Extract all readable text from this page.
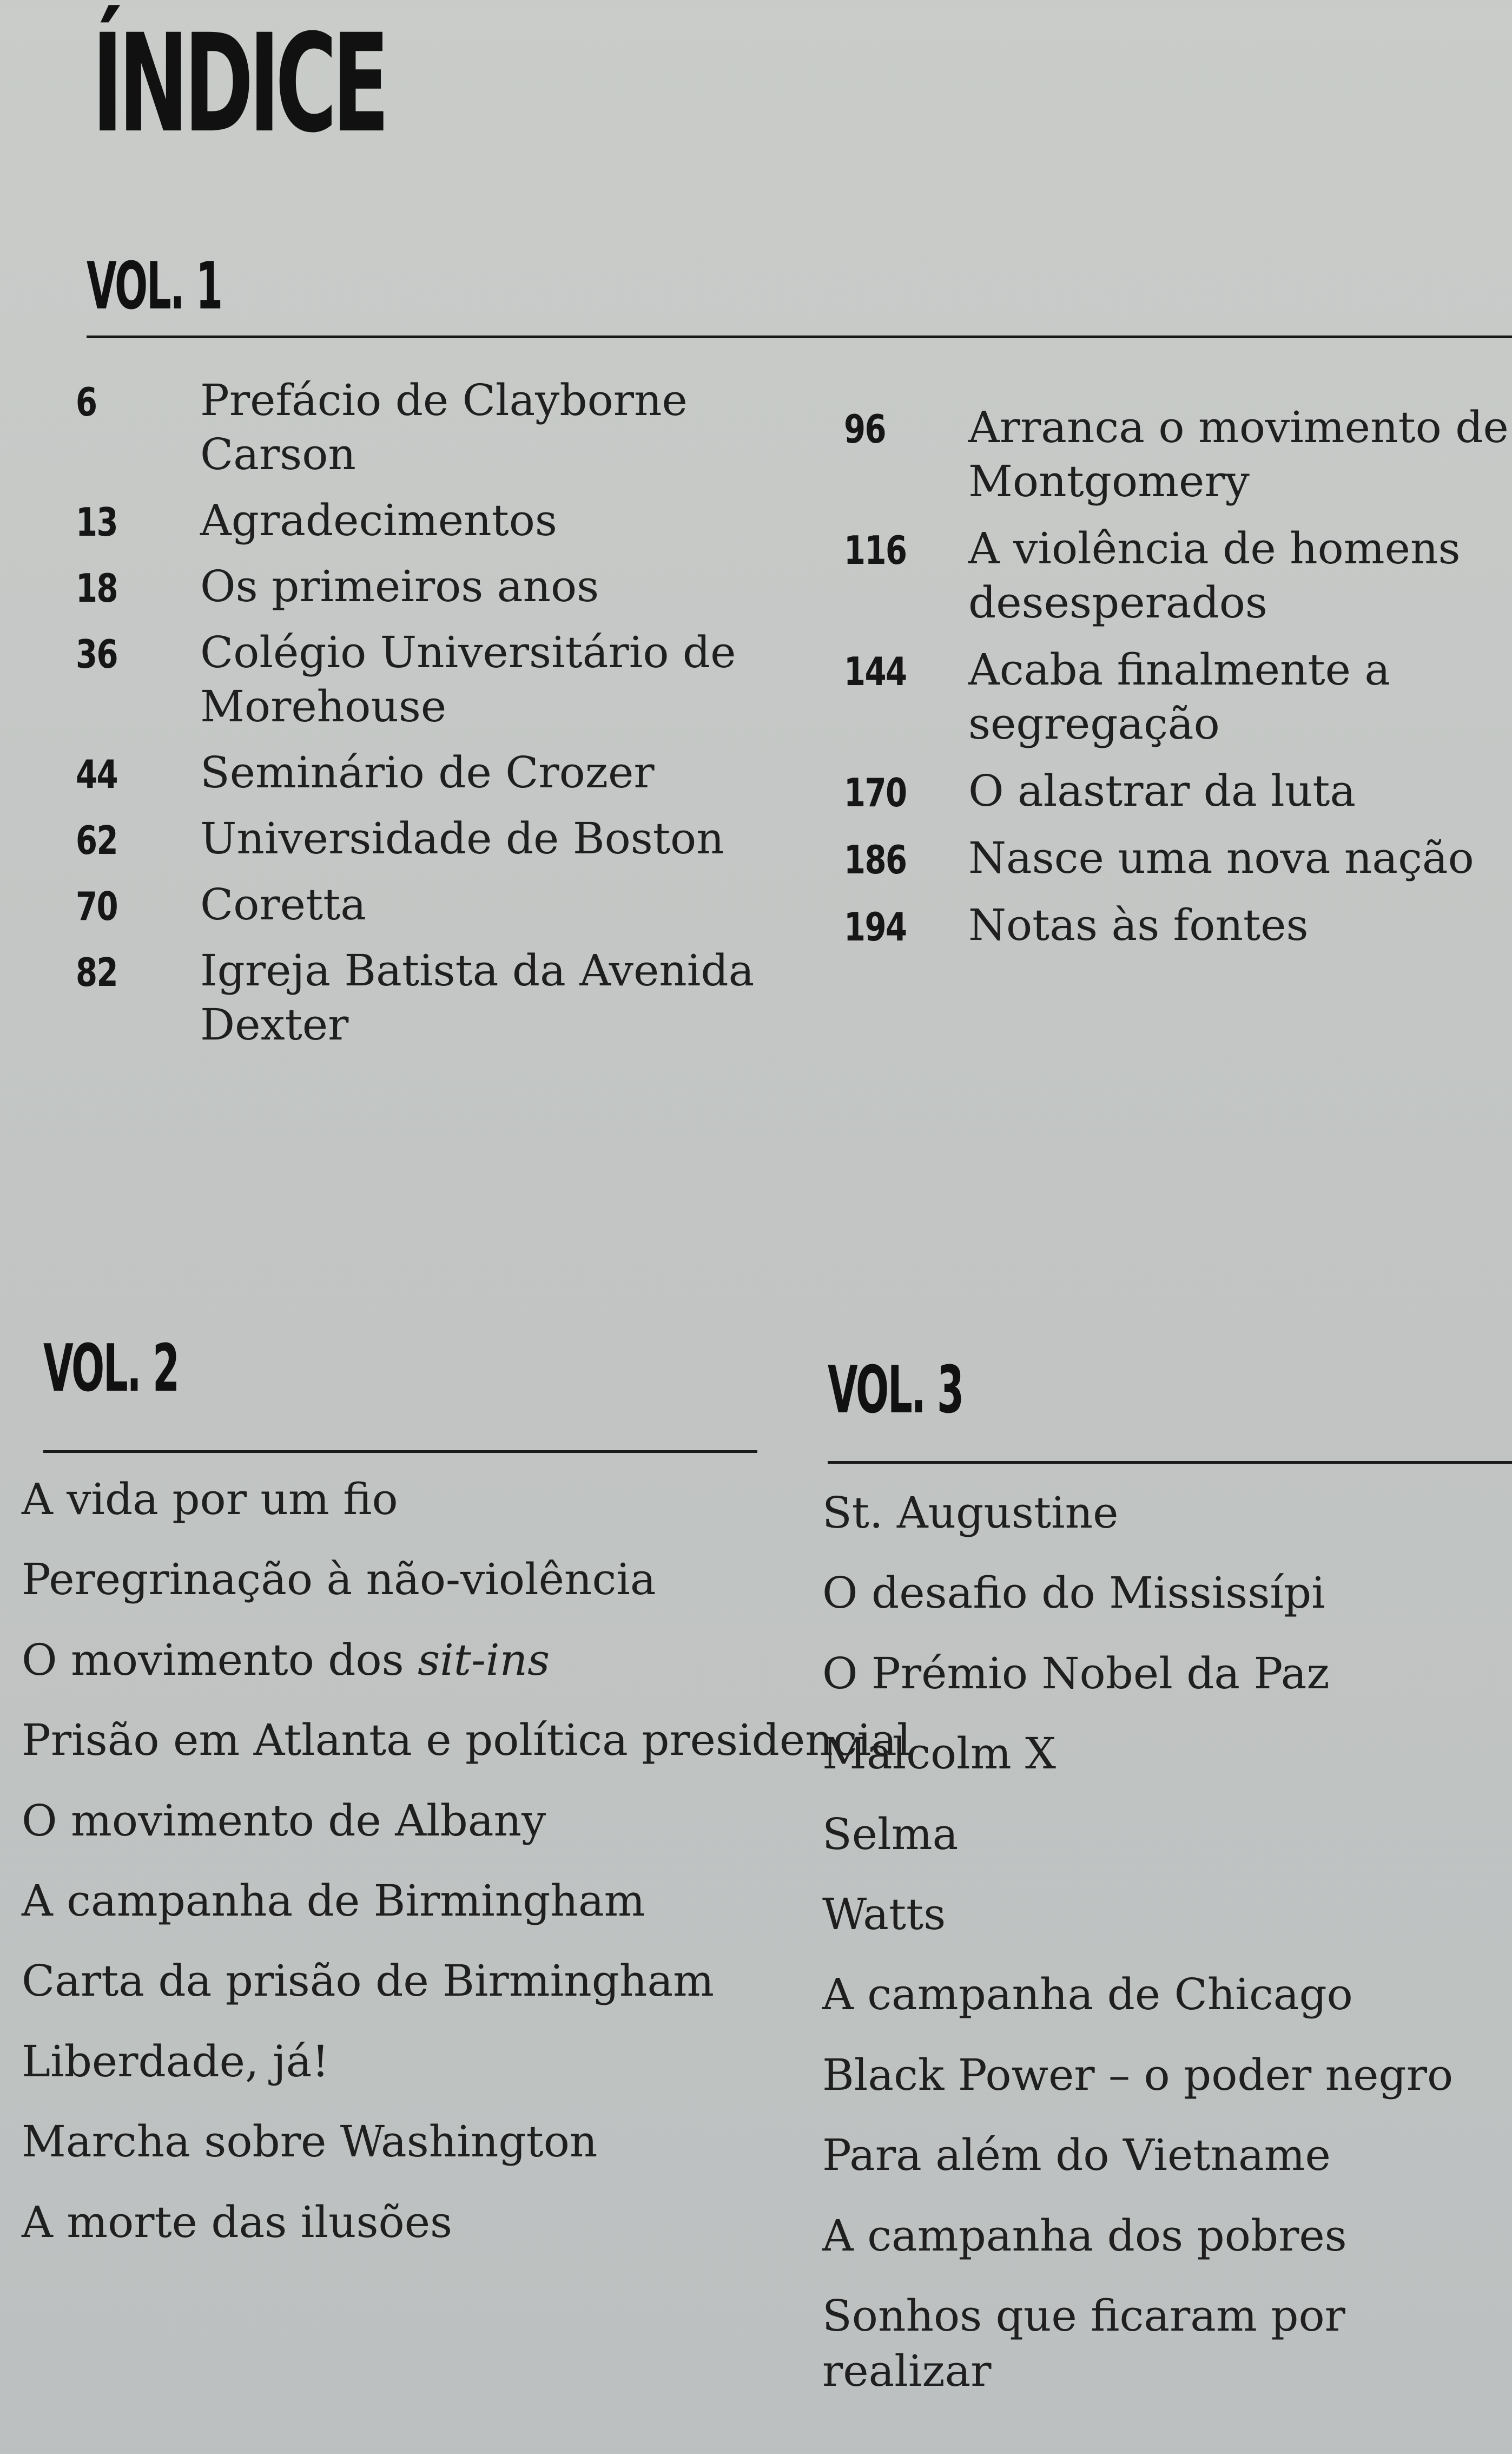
ÍNDICE
VOL. 1
6 Prefácio de Clayborne Carson
13 Agradecimentos
18 Os primeiros anos
36 Colégio Universitário de Morehouse
44 Seminário de Crozer
62 Universidade de Boston
70 Coretta
82 Igreja Batista da Avenida Dexter
96 Arranca o movimento de Montgomery
116 A violência de homens desesperados
144 Acaba finalmente a segregação
170 O alastrar da luta
186 Nasce uma nova nação
194 Notas às fontes
VOL. 2
A vida por um fio
Peregrinação à não-violência
O movimento dos sit-ins
Prisão em Atlanta e política presidencial
O movimento de Albany
A campanha de Birmingham
Carta da prisão de Birmingham
Liberdade, já!
Marcha sobre Washington
A morte das ilusões
VOL. 3
St. Augustine
O desafio do Mississípi
O Prémio Nobel da Paz
Malcolm X
Selma
Watts
A campanha de Chicago
Black Power – o poder negro
Para além do Vietname
A campanha dos pobres
Sonhos que ficaram por realizar
